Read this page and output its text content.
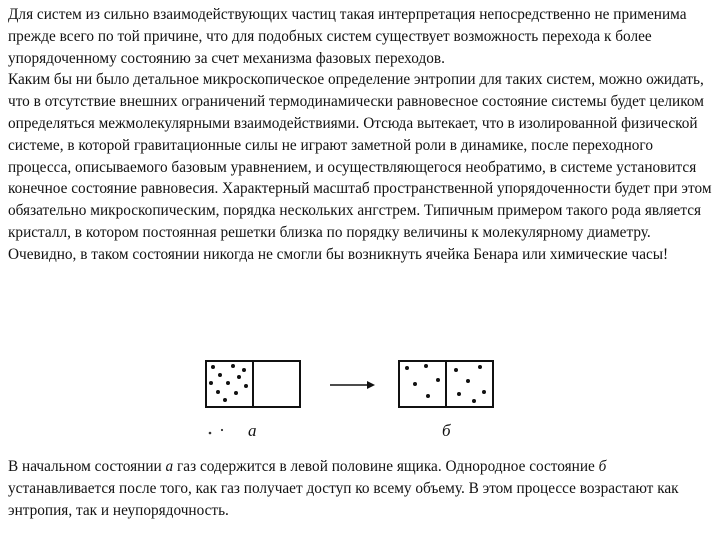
Для систем из сильно взаимодействующих частиц такая интерпретация непосредственно не применима прежде всего по той причине, что для подобных систем существует возможность перехода к более упорядоченному состоянию за счет механизма фазовых переходов.

Каким бы ни было детальное микроскопическое определение энтропии для таких систем, можно ожидать, что в отсутствие внешних ограничений термодинамически равновесное состояние системы будет целиком определяться межмолекулярными взаимодействиями. Отсюда вытекает, что в изолированной физической системе, в которой гравитационные силы не играют заметной роли в динамике, после переходного процесса, описываемого базовым уравнением, и осуществляющегося необратимо, в системе установится конечное состояние равновесия. Характерный масштаб пространственной упорядоченности будет при этом обязательно микроскопическим, порядка нескольких ангстрем. Типичным примером такого рода является кристалл, в котором постоянная решетки близка по порядку величины к молекулярному диаметру. Очевидно, в таком состоянии никогда не смогли бы возникнуть ячейка Бенара или химические часы!

а	б
В начальном состоянии а газ содержится в левой половине ящика. Однородное состояние б устанавливается после того, как газ получает доступ ко всему объему. В этом процессе возрастают как энтропия, так и неупорядочность.
